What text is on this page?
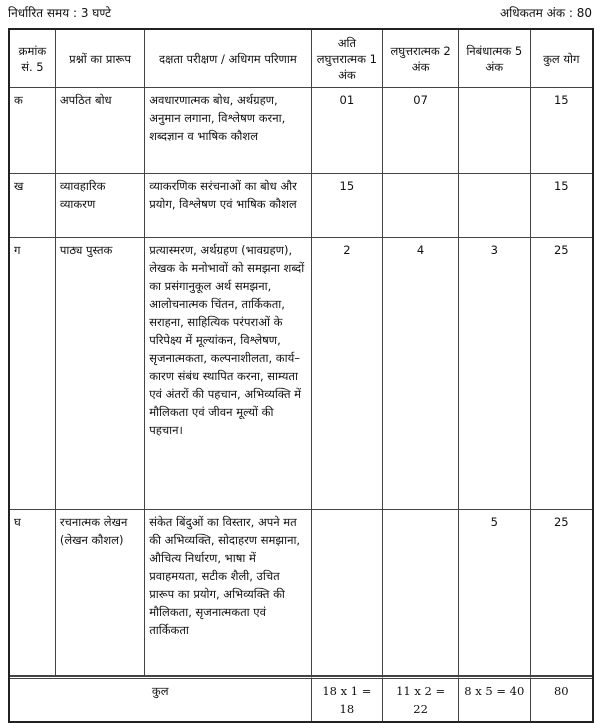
निर्धारित समय : 3 घण्टे	अधिकतम अंक : 80
क्रमांक सं. 5	प्रश्नों का प्रारूप	दक्षता परीक्षण / अधिगम परिणाम	अति लघुत्तरात्मक 1 अंक	लघुत्तरात्मक 2 अंक	निबंधात्मक 5 अंक	कुल योग
क	अपठित बोध	अवधारणात्मक बोध, अर्थग्रहण, अनुमान लगाना, विश्लेषण करना, शब्दज्ञान व भाषिक कौशल	01	07		15
ख	व्यावहारिक व्याकरण	व्याकरणिक सरंचनाओं का बोध और प्रयोग, विश्लेषण एवं भाषिक कौशल	15			15
ग	पाठ्य पुस्तक	प्रत्यास्मरण, अर्थग्रहण (भावग्रहण), लेखक के मनोभावों को समझना शब्दों का प्रसंगानुकूल अर्थ समझना, आलोचनात्मक चिंतन, तार्किकता, सराहना, साहित्यिक परंपराओं के परिपेक्ष्य में मूल्यांकन, विश्लेषण, सृजनात्मकता, कल्पनाशीलता, कार्य–कारण संबंध स्थापित करना, साम्यता एवं अंतरों की पहचान, अभिव्यक्ति में मौलिकता एवं जीवन मूल्यों की पहचान।	2	4	3	25
घ	रचनात्मक लेखन (लेखन कौशल)	संकेत बिंदुओं का विस्तार, अपने मत की अभिव्यक्ति, सोदाहरण समझाना, औचित्य निर्धारण, भाषा में प्रवाहमयता, सटीक शैली, उचित प्रारूप का प्रयोग, अभिव्यक्ति की मौलिकता, सृजनात्मकता एवं तार्किकता			5	25
कुल			18 x 1 = 18	11 x 2 = 22	8 x 5 = 40	80
